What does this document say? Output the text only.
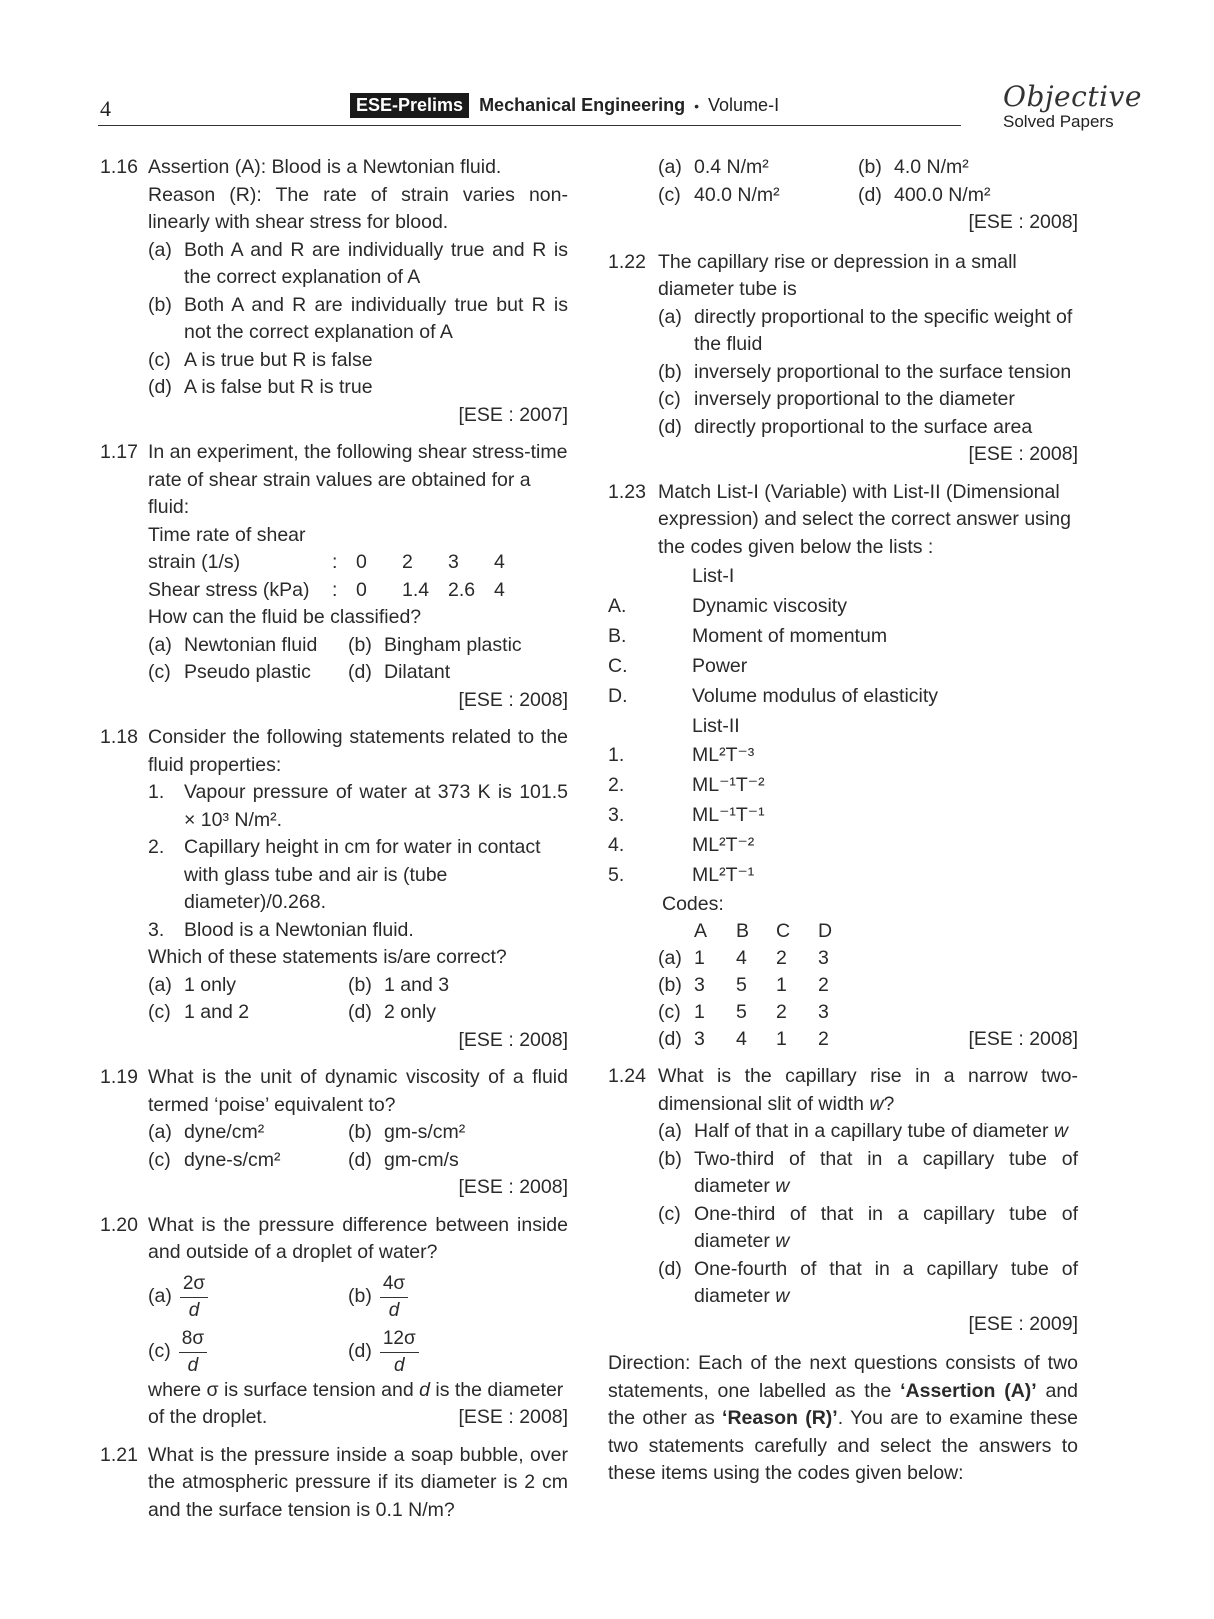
4	ESE-Prelims Mechanical Engineering • Volume-I	Objective
Solved Papers
1.16 Assertion (A): Blood is a Newtonian fluid.
Reason (R): The rate of strain varies non-linearly with shear stress for blood.
(a) Both A and R are individually true and R is the correct explanation of A
(b) Both A and R are individually true but R is not the correct explanation of A
(c) A is true but R is false
(d) A is false but R is true
[ESE : 2007]
1.17 In an experiment, the following shear stress-time rate of shear strain values are obtained for a fluid:
Time rate of shear
strain (1/s)	: 0	2	3	4
Shear stress (kPa)	: 0	1.4 2.6 4
How can the fluid be classified?
(a) Newtonian fluid	(b) Bingham plastic
(c) Pseudo plastic	(d) Dilatant
[ESE : 2008]
1.18 Consider the following statements related to the fluid properties:
1. Vapour pressure of water at 373 K is 101.5 × 10³ N/m².
2. Capillary height in cm for water in contact with glass tube and air is (tube diameter)/0.268.
3. Blood is a Newtonian fluid.
Which of these statements is/are correct?
(a) 1 only	(b) 1 and 3
(c) 1 and 2	(d) 2 only
[ESE : 2008]
1.19 What is the unit of dynamic viscosity of a fluid termed ‘poise’ equivalent to?
(a) dyne/cm²	(b) gm-s/cm²
(c) dyne-s/cm²	(d) gm-cm/s
[ESE : 2008]
1.20 What is the pressure difference between inside and outside of a droplet of water?
$(a) \frac{2\sigma}{d}$	$(b) \frac{4\sigma}{d}$
$(c) \frac{8\sigma}{d}$	$(d) \frac{12\sigma}{d}$
where σ is surface tension and d is the diameter
of the droplet.	[ESE : 2008]
1.21 What is the pressure inside a soap bubble, over the atmospheric pressure if its diameter is 2 cm and the surface tension is 0.1 N/m?
(a) 0.4 N/m²	(b) 4.0 N/m²
(c) 40.0 N/m²	(d) 400.0 N/m²
[ESE : 2008]
1.22 The capillary rise or depression in a small diameter tube is
(a) directly proportional to the specific weight of the fluid
(b) inversely proportional to the surface tension
(c) inversely proportional to the diameter
(d) directly proportional to the surface area
[ESE : 2008]
1.23 Match List-I (Variable) with List-II (Dimensional expression) and select the correct answer using the codes given below the lists :
List-I
A.	Dynamic viscosity
B.	Moment of momentum
C.	Power
D.	Volume modulus of elasticity
List-II
1.	ML²T⁻³
2.	ML⁻¹T⁻²
3.	ML⁻¹T⁻¹
4.	ML²T⁻²
5.	ML²T⁻¹
Codes:
A	B	C	D
(a) 1	4	2	3
(b) 3	5	1	2
(c) 1	5	2	3
(d) 3	4	1	2	[ESE : 2008]
1.24 What is the capillary rise in a narrow two-dimensional slit of width w?
(a) Half of that in a capillary tube of diameter w
(b) Two-third of that in a capillary tube of diameter w
(c) One-third of that in a capillary tube of diameter w
(d) One-fourth of that in a capillary tube of diameter w
[ESE : 2009]
Direction: Each of the next questions consists of two statements, one labelled as the ‘Assertion (A)’ and the other as ‘Reason (R)’. You are to examine these two statements carefully and select the answers to these items using the codes given below:
